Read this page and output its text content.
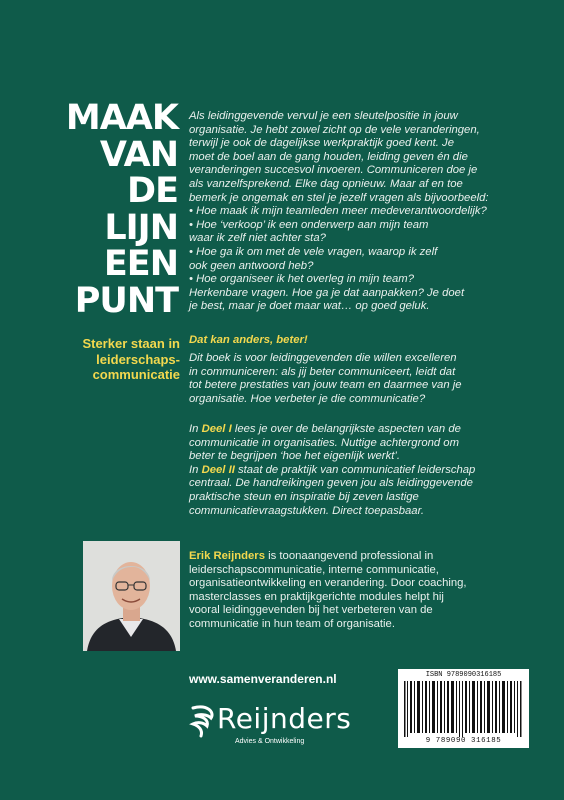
MAAK
VAN
DE
LIJN
EEN
PUNT
Sterker staan in
leiderschaps-
communicatie
Als leidinggevende vervul je een sleutelpositie in jouw
organisatie. Je hebt zowel zicht op de vele veranderingen,
terwijl je ook de dagelijkse werkpraktijk goed kent. Je
moet de boel aan de gang houden, leiding geven én die
veranderingen succesvol invoeren. Communiceren doe je
als vanzelfsprekend. Elke dag opnieuw. Maar af en toe
bemerk je ongemak en stel je jezelf vragen als bijvoorbeeld:
• Hoe maak ik mijn teamleden meer medeverantwoordelijk?
• Hoe ‘verkoop’ ik een onderwerp aan mijn team
waar ik zelf niet achter sta?
• Hoe ga ik om met de vele vragen, waarop ik zelf
ook geen antwoord heb?
• Hoe organiseer ik het overleg in mijn team?
Herkenbare vragen. Hoe ga je dat aanpakken? Je doet
je best, maar je doet maar wat… op goed geluk.
Dat kan anders, beter!
Dit boek is voor leidinggevenden die willen excelleren
in communiceren: als jij beter communiceert, leidt dat
tot betere prestaties van jouw team en daarmee van je
organisatie. Hoe verbeter je die communicatie?
In Deel I lees je over de belangrijkste aspecten van de
communicatie in organisaties. Nuttige achtergrond om
beter te begrijpen ‘hoe het eigenlijk werkt’.
In Deel II staat de praktijk van communicatief leiderschap
centraal. De handreikingen geven jou als leidinggevende
praktische steun en inspiratie bij zeven lastige
communicatievraagstukken. Direct toepasbaar.
Erik Reijnders is toonaangevend professional in
leiderschapscommunicatie, interne communicatie,
organisatieontwikkeling en verandering. Door coaching,
masterclasses en praktijkgerichte modules helpt hij
vooral leidinggevenden bij het verbeteren van de
communicatie in hun team of organisatie.
www.samenveranderen.nl
Reijnders
Advies & Ontwikkeling
ISBN 9789090316185
9 789090 316185
